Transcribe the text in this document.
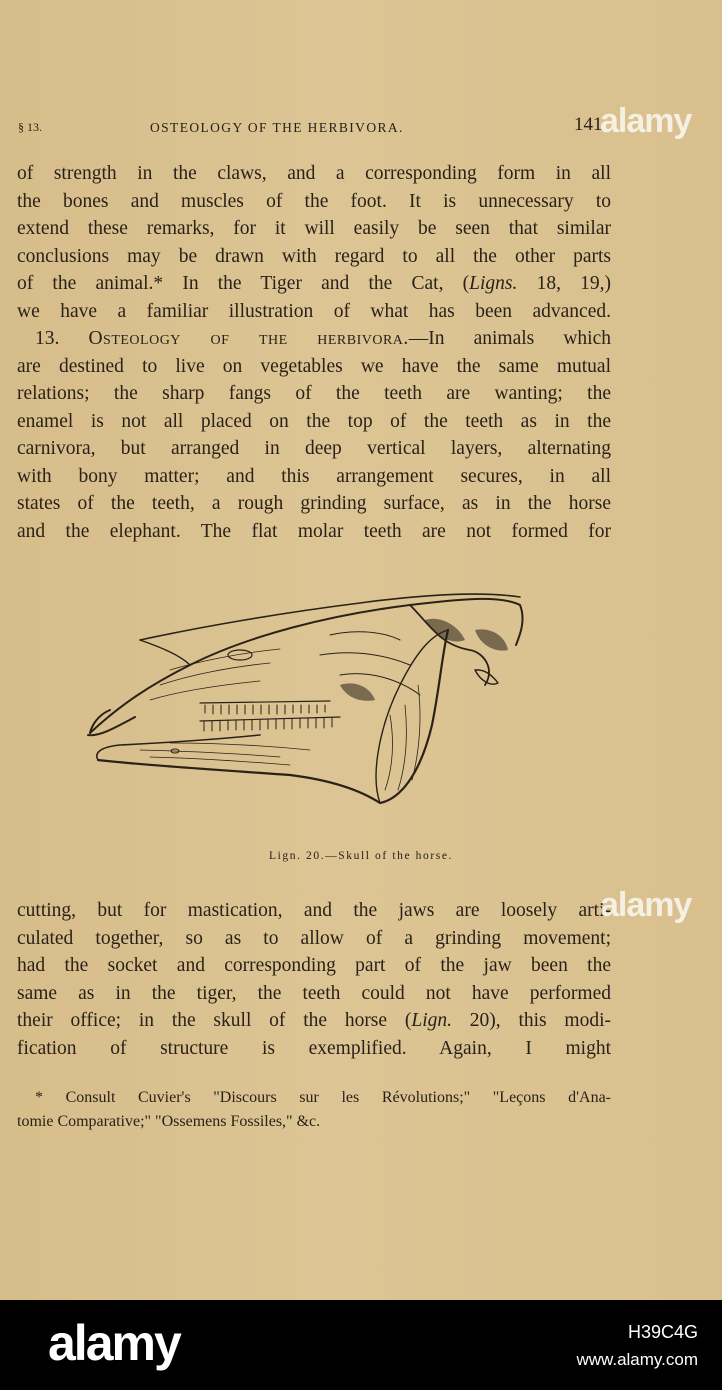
§ 13.	OSTEOLOGY OF THE HERBIVORA.	141
of strength in the claws, and a corresponding form in all
the bones and muscles of the foot. It is unnecessary to
extend these remarks, for it will easily be seen that similar
conclusions may be drawn with regard to all the other parts
of the animal.* In the Tiger and the Cat, (Ligns. 18, 19,)
we have a familiar illustration of what has been advanced.
13. Osteology of the herbivora.—In animals which
are destined to live on vegetables we have the same mutual
relations; the sharp fangs of the teeth are wanting; the
enamel is not all placed on the top of the teeth as in the
carnivora, but arranged in deep vertical layers, alternating
with bony matter; and this arrangement secures, in all
states of the teeth, a rough grinding surface, as in the horse
and the elephant. The flat molar teeth are not formed for
Lign. 20.—Skull of the horse.
cutting, but for mastication, and the jaws are loosely arti-
culated together, so as to allow of a grinding movement;
had the socket and corresponding part of the jaw been the
same as in the tiger, the teeth could not have performed
their office; in the skull of the horse (Lign. 20), this modi-
fication of structure is exemplified. Again, I might
* Consult Cuvier's "Discours sur les Révolutions;" "Leçons d'Ana-
tomie Comparative;" "Ossemens Fossiles," &c.
alamy
alamy
alamy	H39C4G
www.alamy.com
